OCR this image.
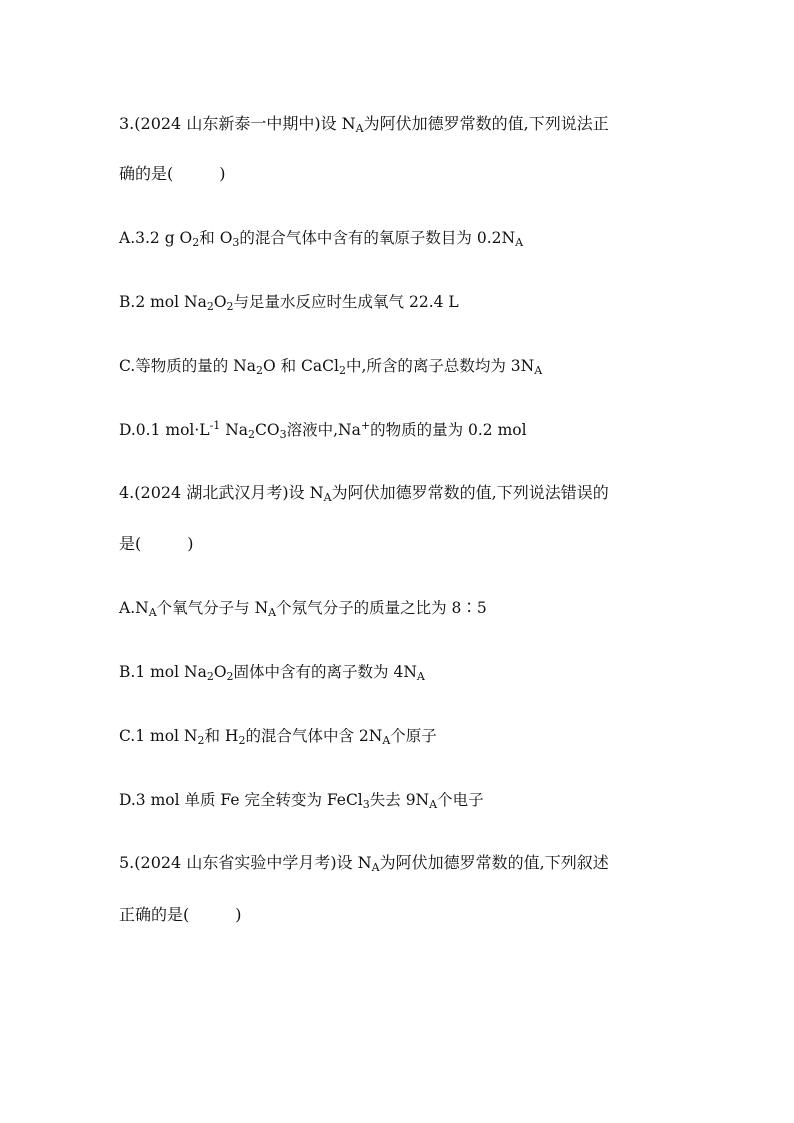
3.(2024 山东新泰一中期中)设 $N_A$为阿伏加德罗常数的值,下列说法正
确的是(	)
A.3.2 g $O_2$和 $O_3$的混合气体中含有的氧原子数目为 $0.2N_A$
B.2 mol $Na_2O_2$与足量水反应时生成氧气 22.4 L
C.等物质的量的 $Na_2O$ 和 CaCl$_2$中,所含的离子总数均为 $3N_A$
D.0.1 $mol\cdot L^{-1}$ $Na_2CO_3$溶液中,Na+的物质的量为 0.2 mol
4.(2024 湖北武汉月考)设 $N_A$为阿伏加德罗常数的值,下列说法错误的
是(	)
$A.N_A$个氧气分子与 $N_A$个氖气分子的质量之比为 8∶5
B.1 mol $Na_2O_2$固体中含有的离子数为 $4N_A$
C.1 mol $N_2$和 $H_2$的混合气体中含 $2N_A$个原子
D.3 mol 单质 Fe 完全转变为 FeCl$_3$失去 $9N_A$个电子
5.(2024 山东省实验中学月考)设 $N_A$为阿伏加德罗常数的值,下列叙述
正确的是(	)
